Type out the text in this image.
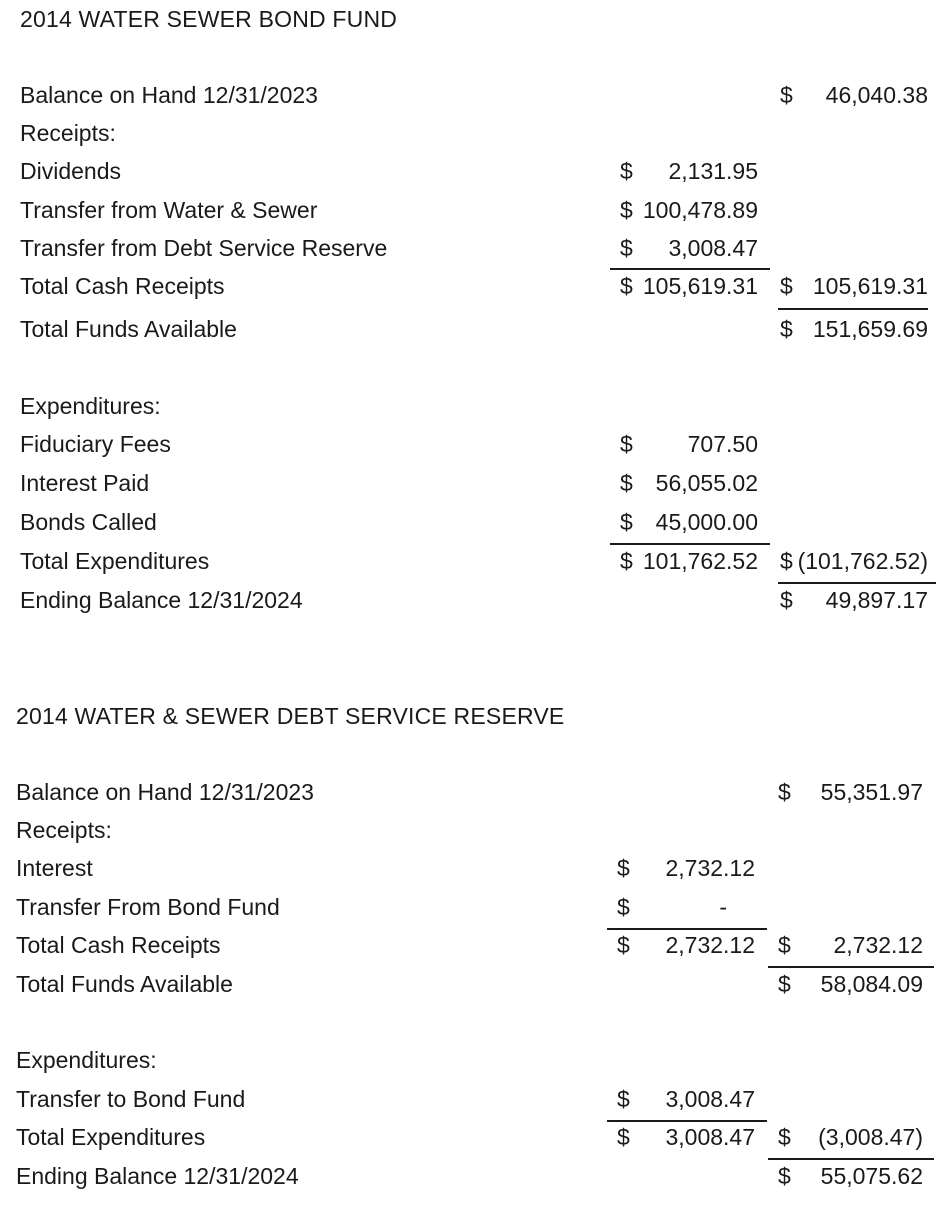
2014 WATER SEWER BOND FUND
Balance on Hand 12/31/2023	$ 46,040.38
Receipts:
Dividends	$ 2,131.95
Transfer from Water & Sewer	$ 100,478.89
Transfer from Debt Service Reserve	$ 3,008.47
Total Cash Receipts	$ 105,619.31 $ 105,619.31
Total Funds Available	$ 151,659.69
Expenditures:
Fiduciary Fees	$ 707.50
Interest Paid	$ 56,055.02
Bonds Called	$ 45,000.00
Total Expenditures	$ 101,762.52 $ (101,762.52)
Ending Balance 12/31/2024	$ 49,897.17
2014 WATER & SEWER DEBT SERVICE RESERVE
Balance on Hand 12/31/2023	$ 55,351.97
Receipts:
Interest	$ 2,732.12
Transfer From Bond Fund	$	-
Total Cash Receipts	$ 2,732.12 $ 2,732.12
Total Funds Available	$ 58,084.09
Expenditures:
Transfer to Bond Fund	$ 3,008.47
Total Expenditures	$ 3,008.47 $ (3,008.47)
Ending Balance 12/31/2024	$ 55,075.62
